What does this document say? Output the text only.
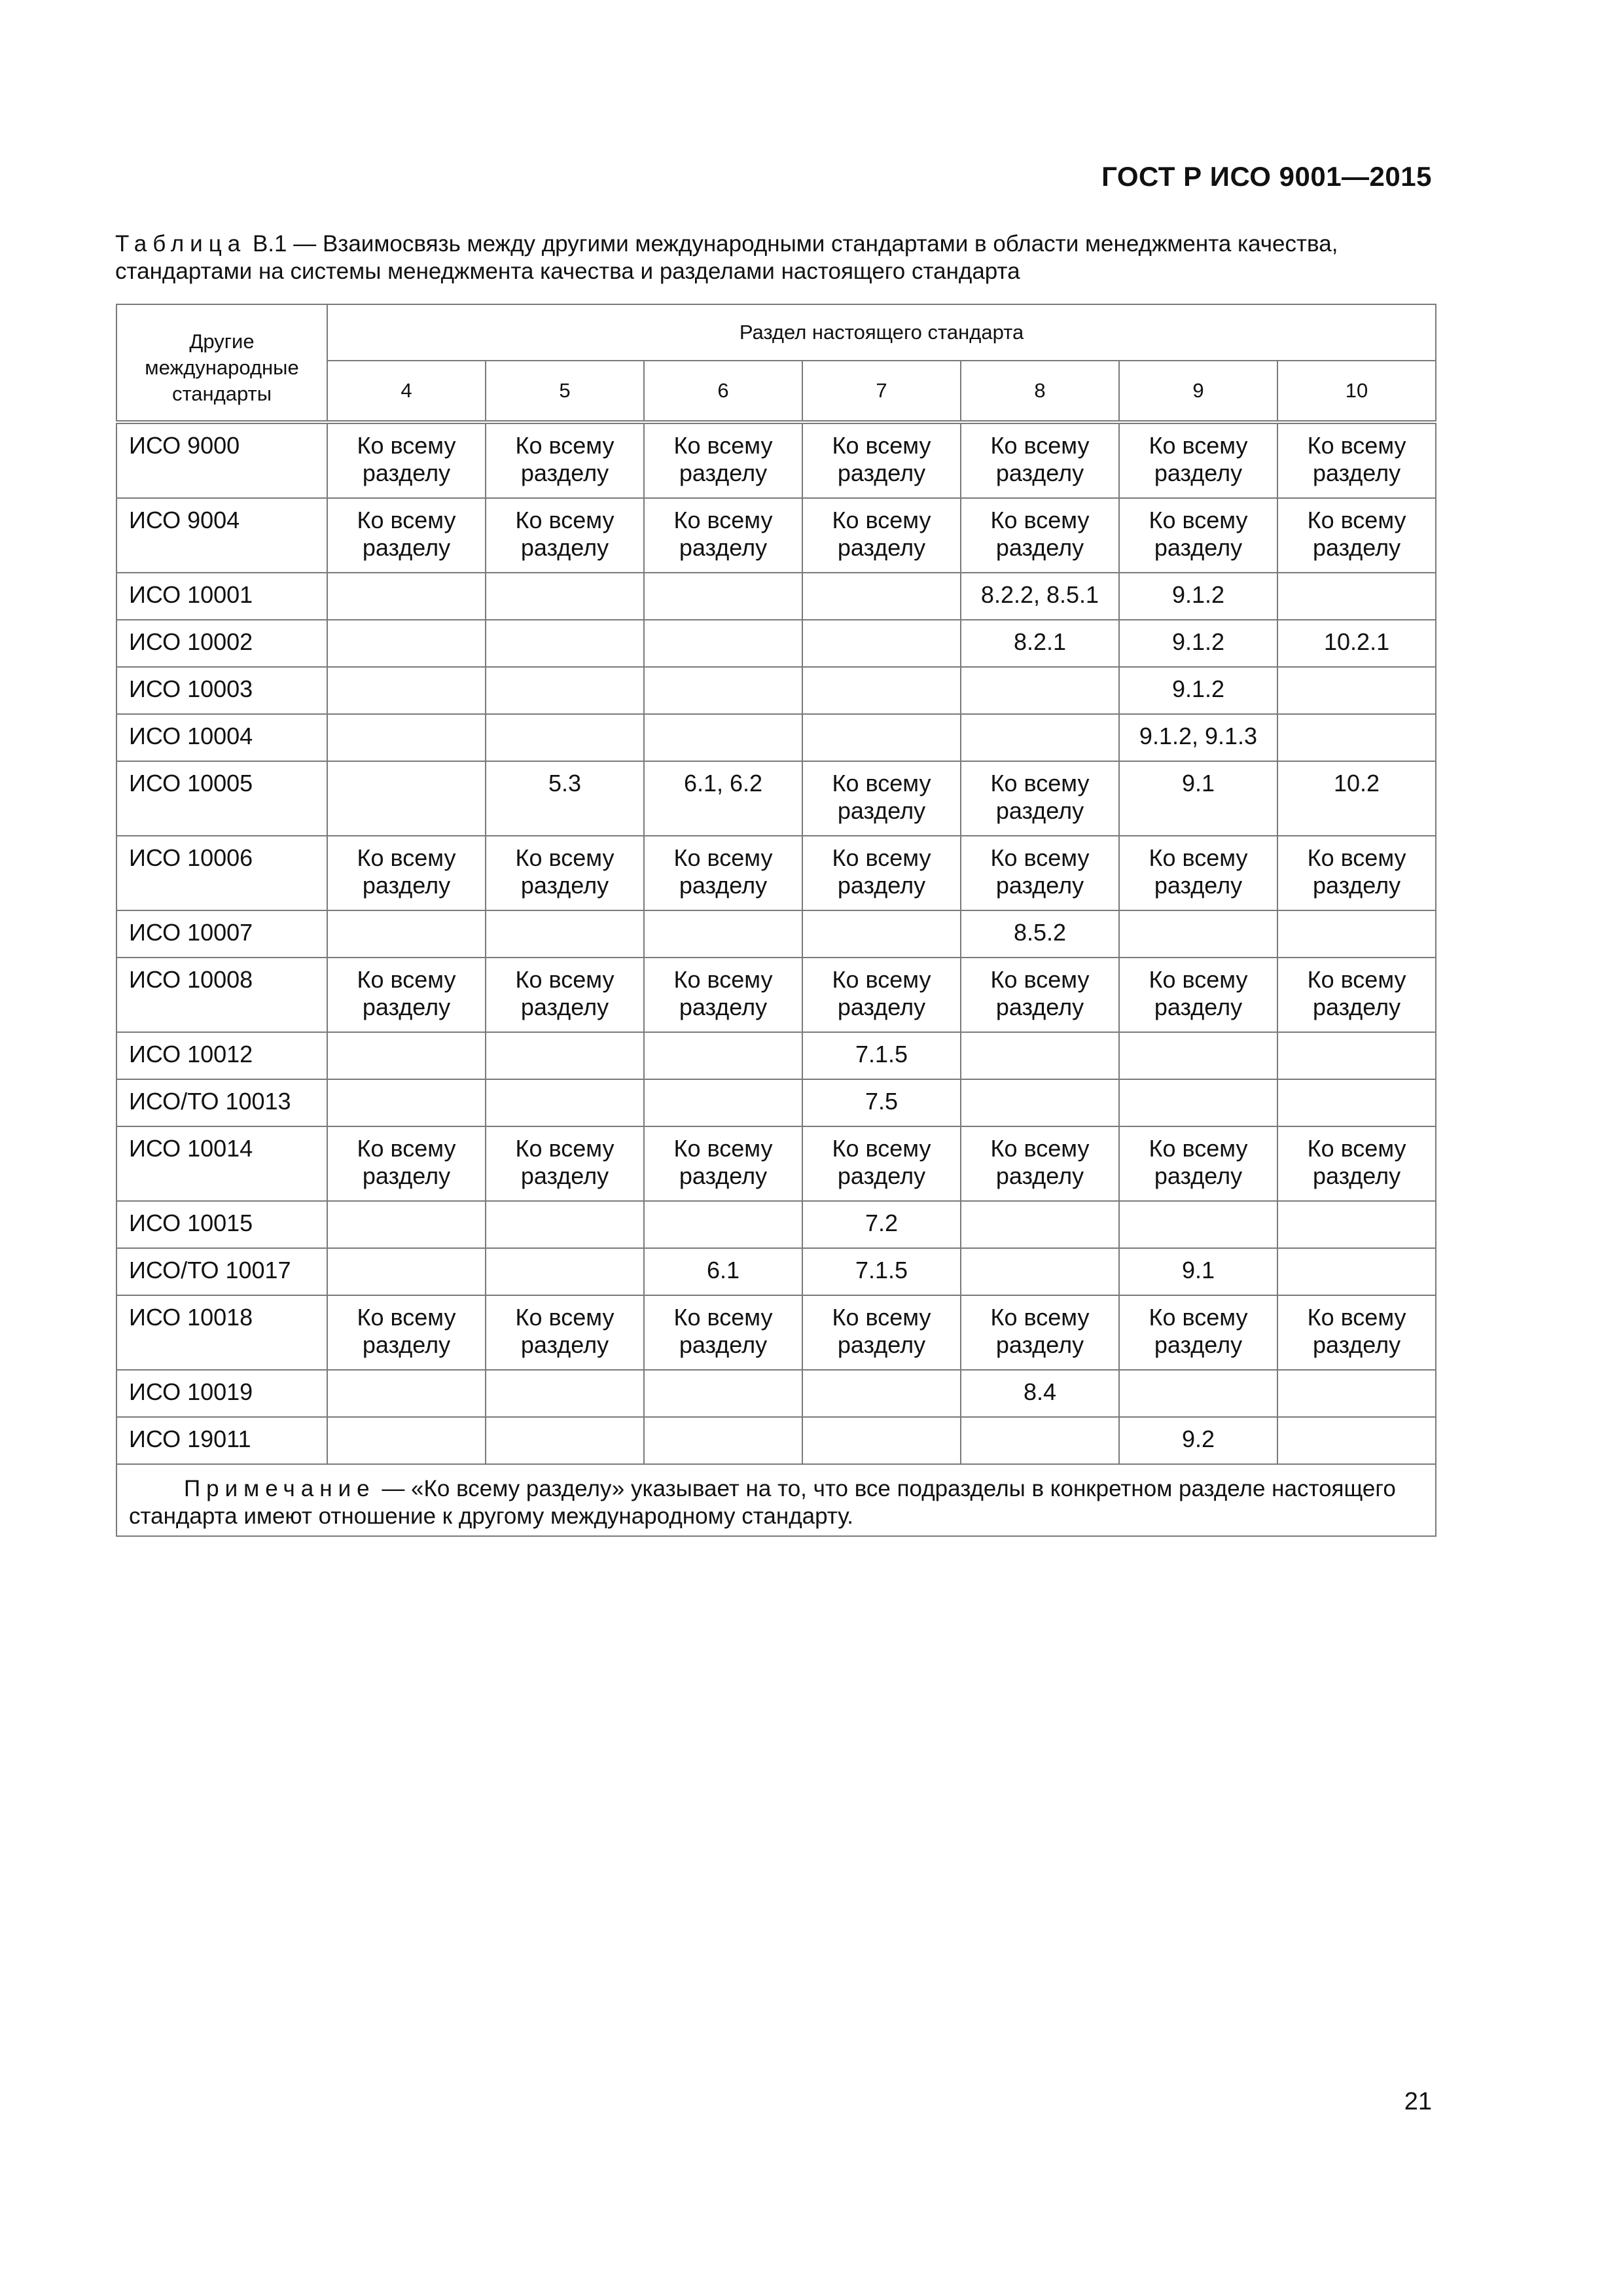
ГОСТ Р ИСО 9001—2015
Таблица В.1 — Взаимосвязь между другими международными стандартами в области менеджмента качества, стандартами на системы менеджмента качества и разделами настоящего стандарта
Другие международные стандарты	Раздел настоящего стандарта						
	4	5	6	7	8	9	10
ИСО 9000	Ко всему разделу	Ко всему разделу	Ко всему разделу	Ко всему разделу	Ко всему разделу	Ко всему разделу	Ко всему разделу
ИСО 9004	Ко всему разделу	Ко всему разделу	Ко всему разделу	Ко всему разделу	Ко всему разделу	Ко всему разделу	Ко всему разделу
ИСО 10001					8.2.2, 8.5.1	9.1.2	
ИСО 10002					8.2.1	9.1.2	10.2.1
ИСО 10003						9.1.2	
ИСО 10004						9.1.2, 9.1.3	
ИСО 10005		5.3	6.1, 6.2	Ко всему разделу	Ко всему разделу	9.1	10.2
ИСО 10006	Ко всему разделу	Ко всему разделу	Ко всему разделу	Ко всему разделу	Ко всему разделу	Ко всему разделу	Ко всему разделу
ИСО 10007					8.5.2		
ИСО 10008	Ко всему разделу	Ко всему разделу	Ко всему разделу	Ко всему разделу	Ко всему разделу	Ко всему разделу	Ко всему разделу
ИСО 10012				7.1.5			
ИСО/ТО 10013				7.5			
ИСО 10014	Ко всему разделу	Ко всему разделу	Ко всему разделу	Ко всему разделу	Ко всему разделу	Ко всему разделу	Ко всему разделу
ИСО 10015				7.2			
ИСО/ТО 10017			6.1	7.1.5		9.1	
ИСО 10018	Ко всему разделу	Ко всему разделу	Ко всему разделу	Ко всему разделу	Ко всему разделу	Ко всему разделу	Ко всему разделу
ИСО 10019					8.4		
ИСО 19011						9.2	
Примечание — «Ко всему разделу» указывает на то, что все подразделы в конкретном разделе настоящего стандарта имеют отношение к другому международному стандарту.							
21
